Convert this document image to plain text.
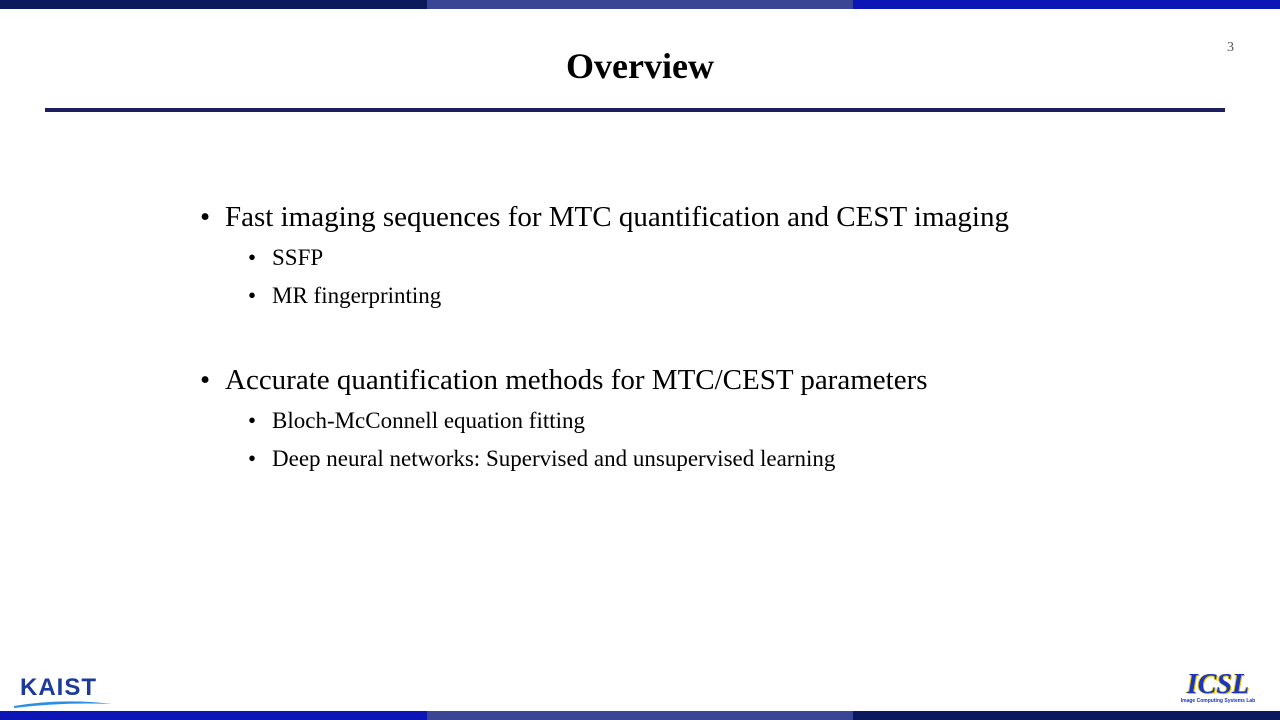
Overview	3
• Fast imaging sequences for MTC quantification and CEST imaging
• SSFP
• MR fingerprinting
• Accurate quantification methods for MTC/CEST parameters
• Bloch-McConnell equation fitting
• Deep neural networks: Supervised and unsupervised learning
KAIST	ICSL
Image Computing Systems Lab
